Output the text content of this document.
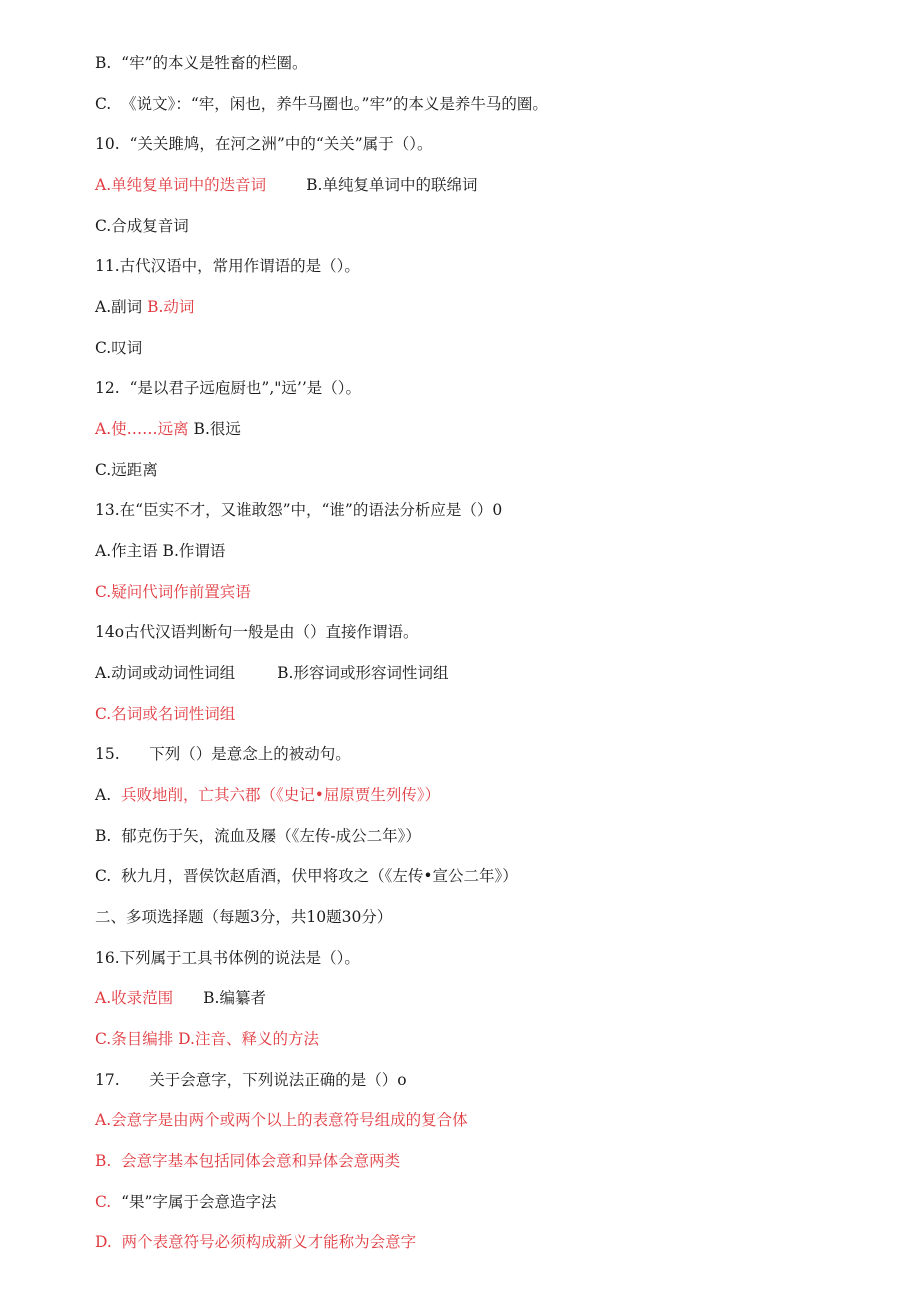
B.  “牢”的本义是牲畜的栏圈。
C.  《说文》：“牢，闲也，养牛马圈也。”牢”的本义是养牛马的圈。
10.  “关关雎鸠，在河之洲”中的“关关”属于（）。
A.单纯复单词中的迭音词	B.单纯复单词中的联绵词
C.合成复音词
11.古代汉语中，常用作谓语的是（）。
A.副词 B.动词
C.叹词
12.  “是以君子远庖厨也”,"远’’是（）。
A.使……远离 B.很远
C.远距离
13.在“臣实不才，又谁敢怨”中，“谁”的语法分析应是（）0
A.作主语 B.作谓语
C.疑问代词作前置宾语
14o古代汉语判断句一般是由（）直接作谓语。
A.动词或动词性词组	B.形容词或形容词性词组
C.名词或名词性词组
15.      下列（）是意念上的被动句。
A.  兵败地削，亡其六郡（《史记•屈原贾生列传》）
B.  郁克伤于矢，流血及屦（《左传-成公二年》）
C.  秋九月，晋侯饮赵盾酒，伏甲将攻之（《左传•宣公二年》）
二、多项选择题（每题3分，共10题30分）
16.下列属于工具书体例的说法是（）。
A.收录范围 B.编纂者
C.条目编排 D.注音、释义的方法
17.      关于会意字，下列说法正确的是（）o
A.会意字是由两个或两个以上的表意符号组成的复合体
B.  会意字基本包括同体会意和异体会意两类
C.  “果”字属于会意造字法
D.  两个表意符号必须构成新义才能称为会意字
